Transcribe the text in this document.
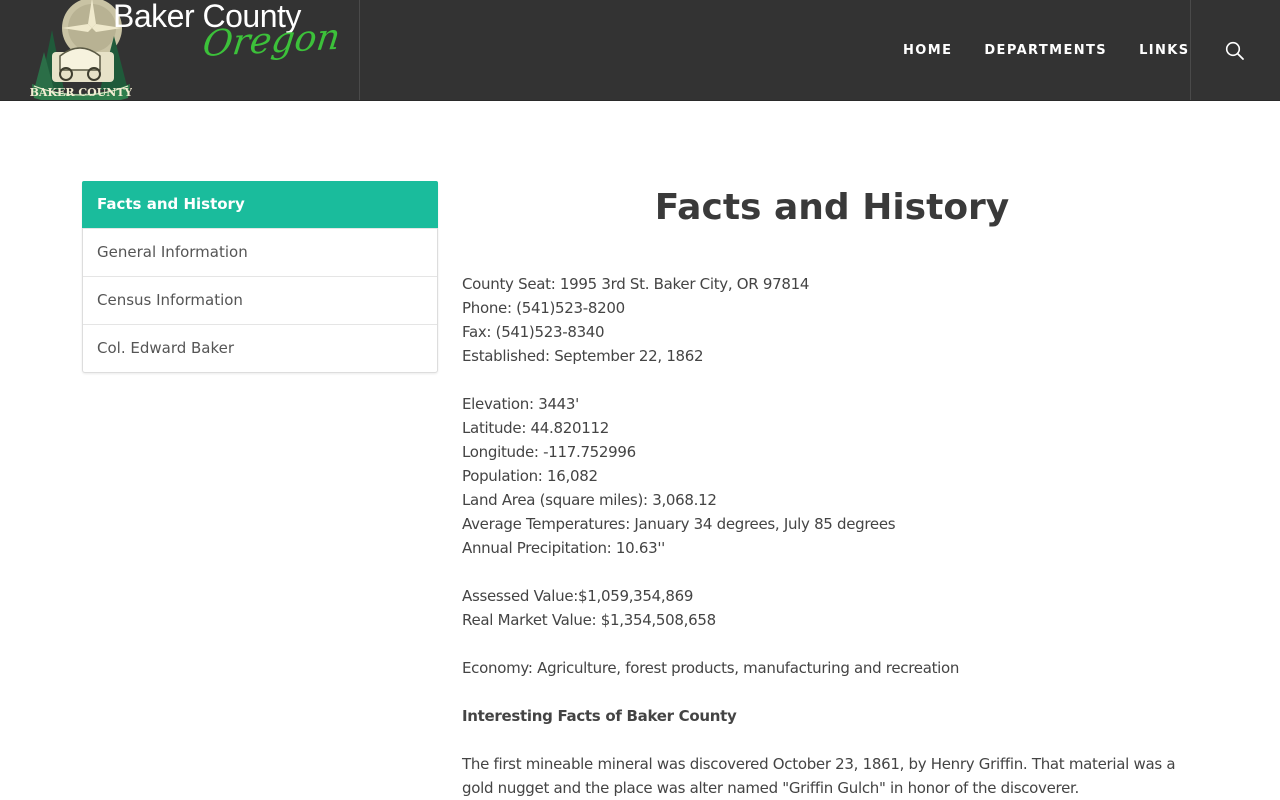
BAKER COUNTY
Baker County
Oregon	HOME	DEPARTMENTS	LINKS
Facts and History
General Information
Census Information
Col. Edward Baker
Facts and History
County Seat: 1995 3rd St. Baker City, OR 97814
Phone: (541)523-8200
Fax: (541)523-8340
Established: September 22, 1862
Elevation: 3443'
Latitude: 44.820112
Longitude: -117.752996
Population: 16,082
Land Area (square miles): 3,068.12
Average Temperatures: January 34 degrees, July 85 degrees
Annual Precipitation: 10.63''
Assessed Value:$1,059,354,869
Real Market Value: $1,354,508,658
Economy: Agriculture, forest products, manufacturing and recreation
Interesting Facts of Baker County
The first mineable mineral was discovered October 23, 1861, by Henry Griffin. That material was a gold nugget and the place was alter named "Griffin Gulch" in honor of the discoverer.
